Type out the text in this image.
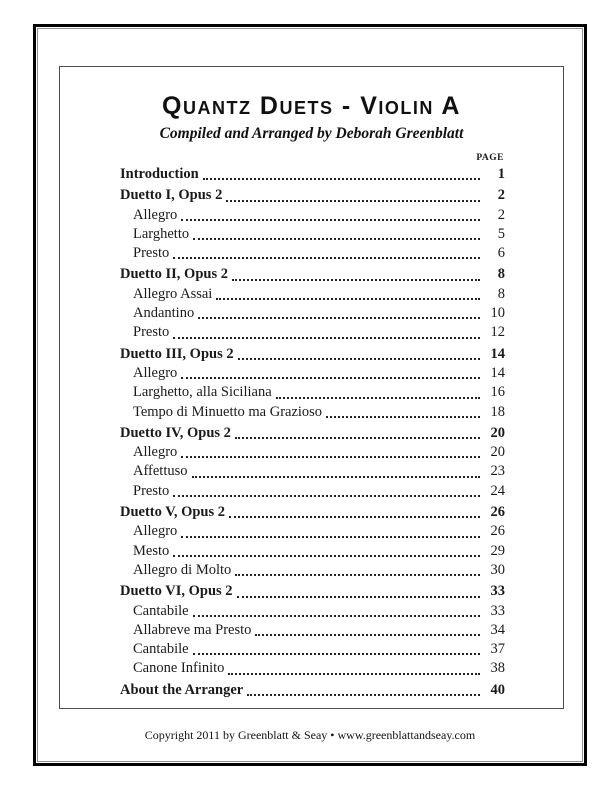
Quantz Duets - Violin A
Compiled and Arranged by Deborah Greenblatt
PAGE
Introduction	1
Duetto I, Opus 2	2
Allegro	2
Larghetto	5
Presto	6
Duetto II, Opus 2	8
Allegro Assai	8
Andantino	10
Presto	12
Duetto III, Opus 2	14
Allegro	14
Larghetto, alla Siciliana	16
Tempo di Minuetto ma Grazioso	18
Duetto IV, Opus 2	20
Allegro	20
Affettuso	23
Presto	24
Duetto V, Opus 2	26
Allegro	26
Mesto	29
Allegro di Molto	30
Duetto VI, Opus 2	33
Cantabile	33
Allabreve ma Presto	34
Cantabile	37
Canone Infinito	38
About the Arranger	40
Copyright 2011 by Greenblatt & Seay • www.greenblattandseay.com
